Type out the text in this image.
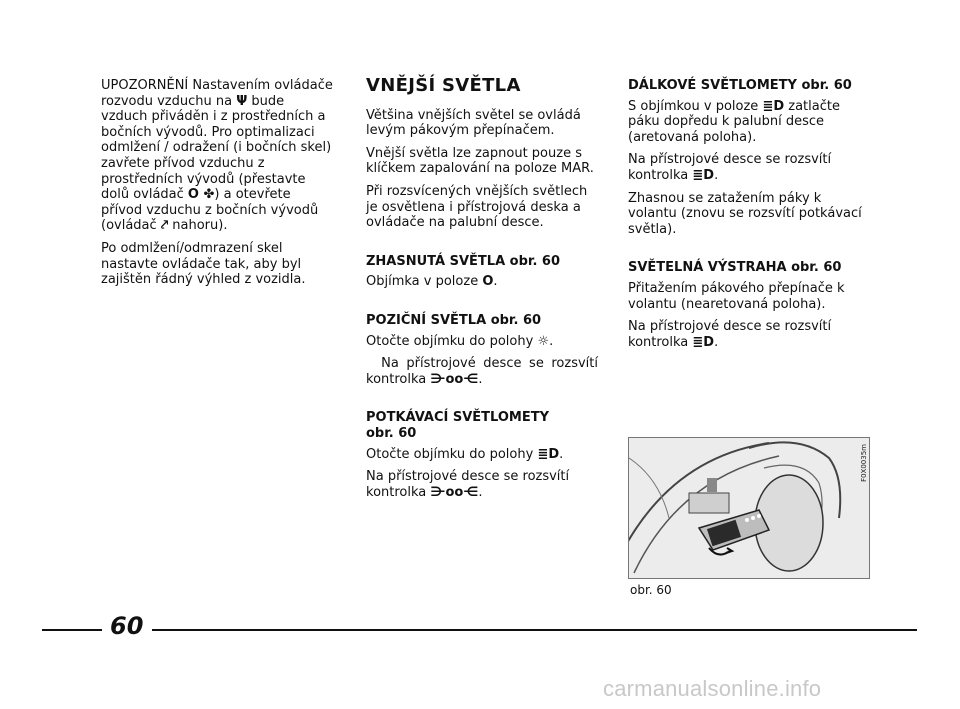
UPOZORNĚNÍ Nastavením ovládače rozvodu vzduchu na Ψ bude vzduch přiváděn i z prostředních a bočních vývodů. Pro optimalizaci odmlžení / odražení (i bočních skel) zavřete přívod vzduchu z prostředních vývodů (přestavte dolů ovládač O ✤) a otevřete přívod vzduchu z bočních vývodů (ovládač ⤤ nahoru).

Po odmlžení/odmrazení skel nastavte ovládače tak, aby byl zajištěn řádný výhled z vozidla.

VNĚJŠÍ SVĚTLA

Většina vnějších světel se ovládá levým pákovým přepínačem.

Vnější světla lze zapnout pouze s klíčkem zapalování na poloze MAR.

Při rozsvícených vnějších světlech je osvětlena i přístrojová deska a ovládače na palubní desce.

ZHASNUTÁ SVĚTLA obr. 60

Objímka v poloze O.

POZIČNÍ SVĚTLA obr. 60

Otočte objímku do polohy ☼.

Na přístrojové desce se rozsvítí kontrolka ⋺oo⋲.

POTKÁVACÍ SVĚTLOMETY
obr. 60

Otočte objímku do polohy ≣D.

Na přístrojové desce se rozsvítí kontrolka ⋺oo⋲.

DÁLKOVÉ SVĚTLOMETY obr. 60

S objímkou v poloze ≣D zatlačte páku dopředu k palubní desce (aretovaná poloha).

Na přístrojové desce se rozsvítí kontrolka ≣D.

Zhasnou se zatažením páky k volantu (znovu se rozsvítí potkávací světla).

SVĚTELNÁ VÝSTRAHA obr. 60

Přitažením pákového přepínače k volantu (nearetovaná poloha).

Na přístrojové desce se rozsvítí kontrolka ≣D.

F0X0035m
obr. 60
60
carmanualsonline.info
